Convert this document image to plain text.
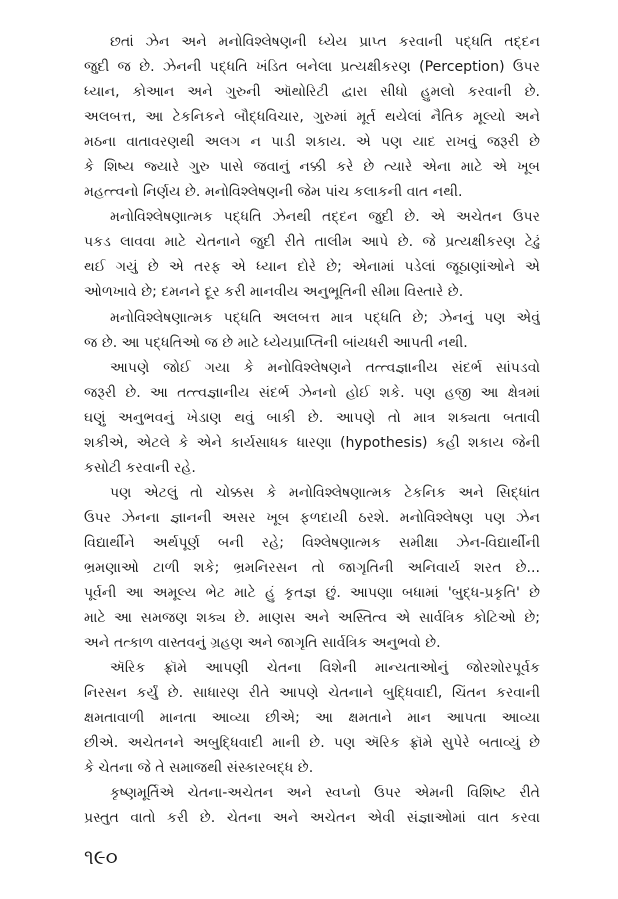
છતાં ઝેન અને મનોવિશ્લેષણની ધ્યેય પ્રાપ્ત કરવાની પદ્ધતિ તદ્દન
જુદી જ છે. ઝેનની પદ્ધતિ ખંડિત બનેલા પ્રત્યક્ષીકરણ (Perception) ઉપર
ધ્યાન, કોઆન અને ગુરુની ઑથોરિટી દ્વારા સીધો હુમલો કરવાની છે.
અલબત્ત, આ ટેકનિકને બૌદ્ધવિચાર, ગુરુમાં મૂર્ત થયેલાં નૈતિક મૂલ્યો અને
મઠના વાતાવરણથી અલગ ન પાડી શકાય. એ પણ યાદ રાખવું જરૂરી છે
કે શિષ્ય જ્યારે ગુરુ પાસે જવાનું નક્કી કરે છે ત્યારે એના માટે એ ખૂબ
મહત્ત્વનો નિર્ણય છે. મનોવિશ્લેષણની જેમ પાંચ કલાકની વાત નથી.
મનોવિશ્લેષણાત્મક પદ્ધતિ ઝેનથી તદ્દન જુદી છે. એ અચેતન ઉપર
પકડ લાવવા માટે ચેતનાને જુદી રીતે તાલીમ આપે છે. જે પ્રત્યક્ષીકરણ ટેઢું
થઈ ગયું છે એ તરફ એ ધ્યાન દોરે છે; એનામાં પડેલાં જૂઠાણાંઓને એ
ઓળખાવે છે; દમનને દૂર કરી માનવીય અનુભૂતિની સીમા વિસ્તારે છે.
મનોવિશ્લેષણાત્મક પદ્ધતિ અલબત્ત માત્ર પદ્ધતિ છે; ઝેનનું પણ એવું
જ છે. આ પદ્ધતિઓ જ છે માટે ધ્યેયપ્રાપ્તિની બાંયધરી આપતી નથી.
આપણે જોઈ ગયા કે મનોવિશ્લેષણને તત્ત્વજ્ઞાનીય સંદર્ભ સાંપડવો
જરૂરી છે. આ તત્ત્વજ્ઞાનીય સંદર્ભ ઝેનનો હોઈ શકે. પણ હજી આ ક્ષેત્રમાં
ઘણું અનુભવનું ખેડાણ થવું બાકી છે. આપણે તો માત્ર શક્યતા બતાવી
શકીએ, એટલે કે એને કાર્યસાધક ધારણા (hypothesis) કહી શકાય જેની
કસોટી કરવાની રહે.
પણ એટલું તો ચોક્કસ કે મનોવિશ્લેષણાત્મક ટેકનિક અને સિદ્ધાંત
ઉપર ઝેનના જ્ઞાનની અસર ખૂબ ફળદાયી ઠરશે. મનોવિશ્લેષણ પણ ઝેન
વિદ્યાર્થીને અર્થપૂર્ણ બની રહે; વિશ્લેષણાત્મક સમીક્ષા ઝેન-વિદ્યાર્થીની
ભ્રમણાઓ ટાળી શકે; ભ્રમનિરસન તો જાગૃતિની અનિવાર્ય શરત છે...
પૂર્વની આ અમૂલ્ય ભેટ માટે હું કૃતજ્ઞ છું. આપણા બધામાં 'બુદ્ધ-પ્રકૃતિ' છે
માટે આ સમજણ શક્ય છે. માણસ અને અસ્તિત્વ એ સાર્વત્રિક કોટિઓ છે;
અને તત્કાળ વાસ્તવનું ગ્રહણ અને જાગૃતિ સાર્વત્રિક અનુભવો છે.
ઍરિક ફ્રૉમે આપણી ચેતના વિશેની માન્યતાઓનું જોરશોરપૂર્વક
નિરસન કર્યું છે. સાધારણ રીતે આપણે ચેતનાને બુદ્ધિવાદી, ચિંતન કરવાની
ક્ષમતાવાળી માનતા આવ્યા છીએ; આ ક્ષમતાને માન આપતા આવ્યા
છીએ. અચેતનને અબુદ્ધિવાદી માની છે. પણ ઍરિક ફ્રૉમે સુપેરે બતાવ્યું છે
કે ચેતના જે તે સમાજથી સંસ્કારબદ્ધ છે.
કૃષ્ણમૂર્તિએ ચેતના-અચેતન અને સ્વપ્નો ઉપર એમની વિશિષ્ટ રીતે
પ્રસ્તુત વાતો કરી છે. ચેતના અને અચેતન એવી સંજ્ઞાઓમાં વાત કરવા
૧૯૦
